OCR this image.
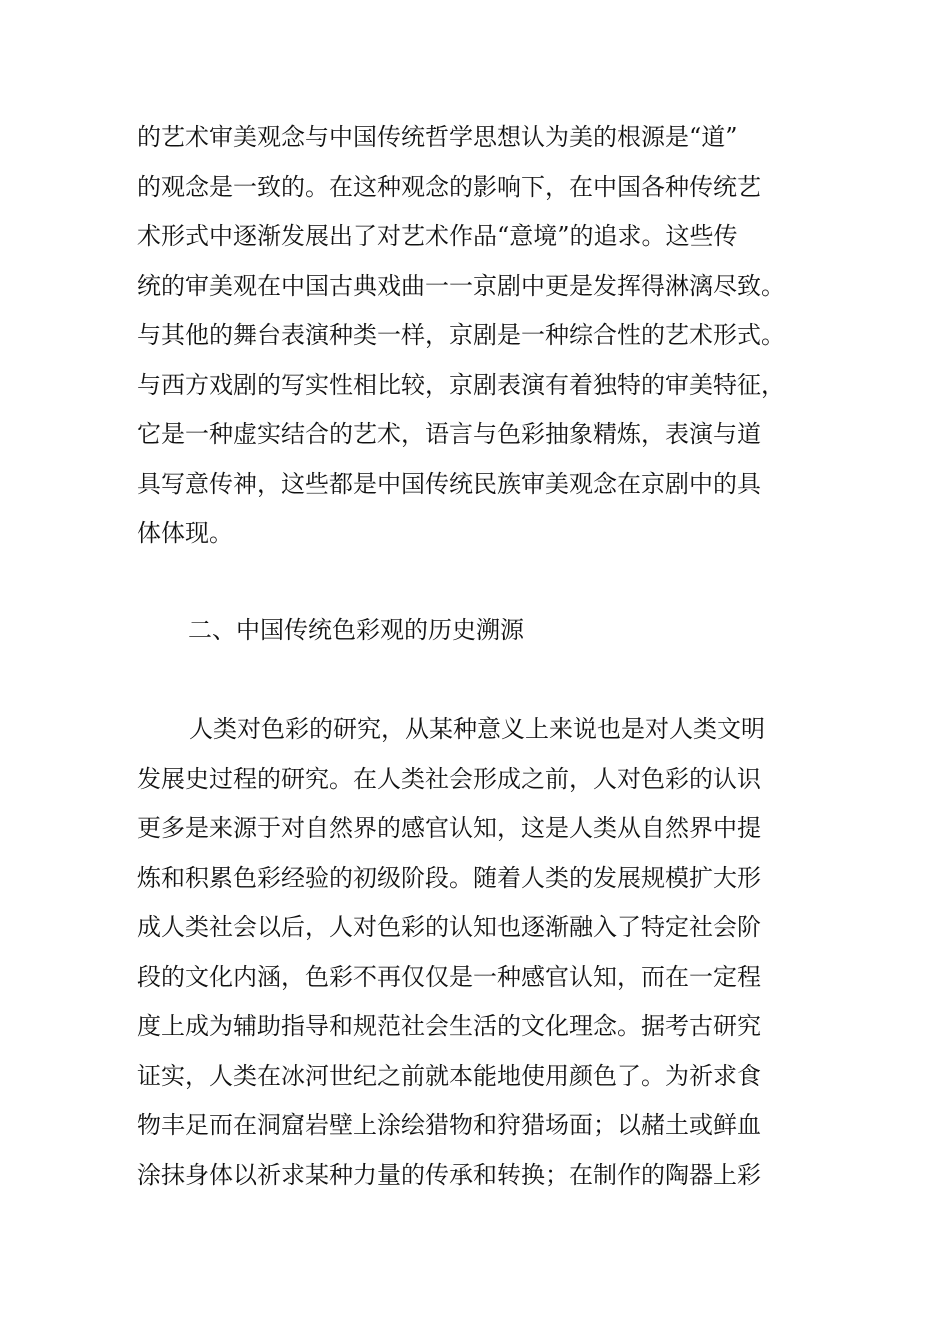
的艺术审美观念与中国传统哲学思想认为美的根源是“道”
的观念是一致的。在这种观念的影响下，在中国各种传统艺
术形式中逐渐发展出了对艺术作品“意境”的追求。这些传
统的审美观在中国古典戏曲一一京剧中更是发挥得淋漓尽致。
与其他的舞台表演种类一样，京剧是一种综合性的艺术形式。
与西方戏剧的写实性相比较，京剧表演有着独特的审美特征，
它是一种虚实结合的艺术，语言与色彩抽象精炼，表演与道
具写意传神，这些都是中国传统民族审美观念在京剧中的具
体体现。
二、中国传统色彩观的历史溯源
人类对色彩的研究，从某种意义上来说也是对人类文明
发展史过程的研究。在人类社会形成之前，人对色彩的认识
更多是来源于对自然界的感官认知，这是人类从自然界中提
炼和积累色彩经验的初级阶段。随着人类的发展规模扩大形
成人类社会以后，人对色彩的认知也逐渐融入了特定社会阶
段的文化内涵，色彩不再仅仅是一种感官认知，而在一定程
度上成为辅助指导和规范社会生活的文化理念。据考古研究
证实，人类在冰河世纪之前就本能地使用颜色了。为祈求食
物丰足而在洞窟岩壁上涂绘猎物和狩猎场面；以赭土或鲜血
涂抹身体以祈求某种力量的传承和转换；在制作的陶器上彩
